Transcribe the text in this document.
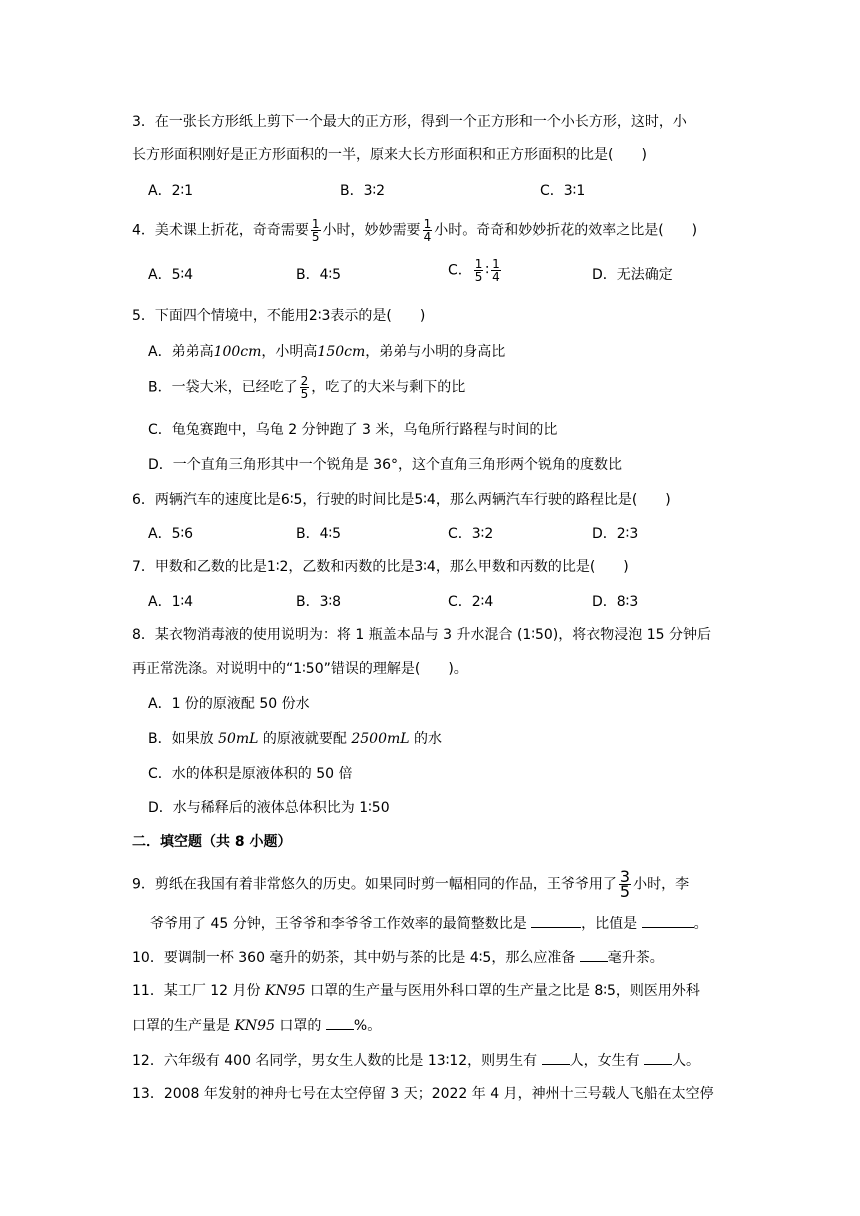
3．在一张长方形纸上剪下一个最大的正方形，得到一个正方形和一个小长方形，这时，小
长方形面积刚好是正方形面积的一半，原来大长方形面积和正方形面积的比是(　　)
A．2∶1	B．3∶2	C．3∶1
4．美术课上折花，奇奇需要 $\frac{1}{5}$ 小时，妙妙需要 $\frac{1}{4}$ 小时。奇奇和妙妙折花的效率之比是(　　)
A．5∶4	B．4∶5	C． $\frac{1}{5}$ ∶ $\frac{1}{4}$	D．无法确定
5．下面四个情境中，不能用2∶3表示的是(　　)
A．弟弟高100cm，小明高150cm，弟弟与小明的身高比
B．一袋大米，已经吃了 $\frac{2}{5}$ ，吃了的大米与剩下的比
C．龟兔赛跑中，乌龟 2 分钟跑了 3 米，乌龟所行路程与时间的比
D．一个直角三角形其中一个锐角是 36°，这个直角三角形两个锐角的度数比
6．两辆汽车的速度比是6∶5，行驶的时间比是5∶4，那么两辆汽车行驶的路程比是(　　)
A．5∶6	B．4∶5	C．3∶2	D．2∶3
7．甲数和乙数的比是1∶2，乙数和丙数的比是3∶4，那么甲数和丙数的比是(　　)
A．1∶4	B．3∶8	C．2∶4	D．8∶3
8．某衣物消毒液的使用说明为：将 1 瓶盖本品与 3 升水混合 (1∶50)，将衣物浸泡 15 分钟后
再正常洗涤。对说明中的“1∶50”错误的理解是(　　)。
A．1 份的原液配 50 份水
B．如果放 50mL 的原液就要配 2500mL 的水
C．水的体积是原液体积的 50 倍
D．水与稀释后的液体总体积比为 1∶50
二．填空题（共 8 小题）
9．剪纸在我国有着非常悠久的历史。如果同时剪一幅相同的作品，王爷爷用了 $\frac{3}{5}$ 小时，李
爷爷用了 45 分钟，王爷爷和李爷爷工作效率的最简整数比是	，比值是	。
10．要调制一杯 360 毫升的奶茶，其中奶与茶的比是 4∶5，那么应准备 毫升茶。
11．某工厂 12 月份 KN95 口罩的生产量与医用外科口罩的生产量之比是 8∶5，则医用外科
口罩的生产量是 KN95 口罩的 %。
12．六年级有 400 名同学，男女生人数的比是 13∶12，则男生有 人，女生有 人。
13．2008 年发射的神舟七号在太空停留 3 天；2022 年 4 月，神州十三号载人飞船在太空停
